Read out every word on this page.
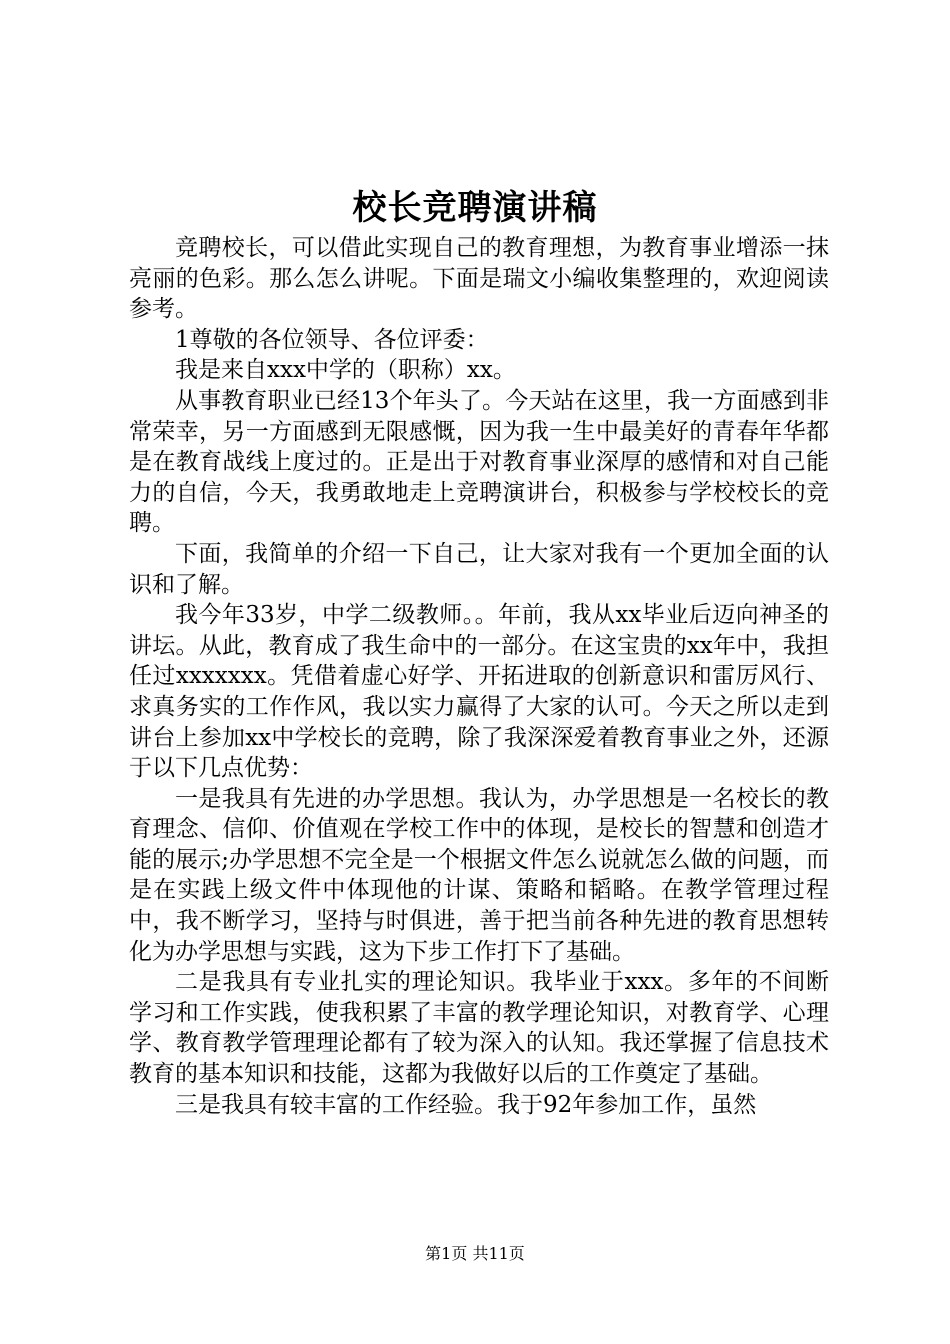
校长竞聘演讲稿

竞聘校长，可以借此实现自己的教育理想，为教育事业增添一抹亮丽的色彩。那么怎么讲呢。下面是瑞文小编收集整理的，欢迎阅读参考。

1尊敬的各位领导、各位评委：

我是来自xxx中学的（职称）xx。

从事教育职业已经13个年头了。今天站在这里，我一方面感到非常荣幸，另一方面感到无限感慨，因为我一生中最美好的青春年华都是在教育战线上度过的。正是出于对教育事业深厚的感情和对自己能力的自信，今天，我勇敢地走上竞聘演讲台，积极参与学校校长的竞聘。

下面，我简单的介绍一下自己，让大家对我有一个更加全面的认识和了解。

我今年33岁，中学二级教师。。年前，我从xx毕业后迈向神圣的讲坛。从此，教育成了我生命中的一部分。在这宝贵的xx年中，我担任过xxxxxxx。凭借着虚心好学、开拓进取的创新意识和雷厉风行、求真务实的工作作风，我以实力赢得了大家的认可。今天之所以走到讲台上参加xx中学校长的竞聘，除了我深深爱着教育事业之外，还源于以下几点优势：

一是我具有先进的办学思想。我认为，办学思想是一名校长的教育理念、信仰、价值观在学校工作中的体现，是校长的智慧和创造才能的展示;办学思想不完全是一个根据文件怎么说就怎么做的问题，而是在实践上级文件中体现他的计谋、策略和韬略。在教学管理过程中，我不断学习，坚持与时俱进，善于把当前各种先进的教育思想转化为办学思想与实践，这为下步工作打下了基础。

二是我具有专业扎实的理论知识。我毕业于xxx。多年的不间断学习和工作实践，使我积累了丰富的教学理论知识，对教育学、心理学、教育教学管理理论都有了较为深入的认知。我还掌握了信息技术教育的基本知识和技能，这都为我做好以后的工作奠定了基础。

三是我具有较丰富的工作经验。我于92年参加工作，虽然

第1页 共11页
